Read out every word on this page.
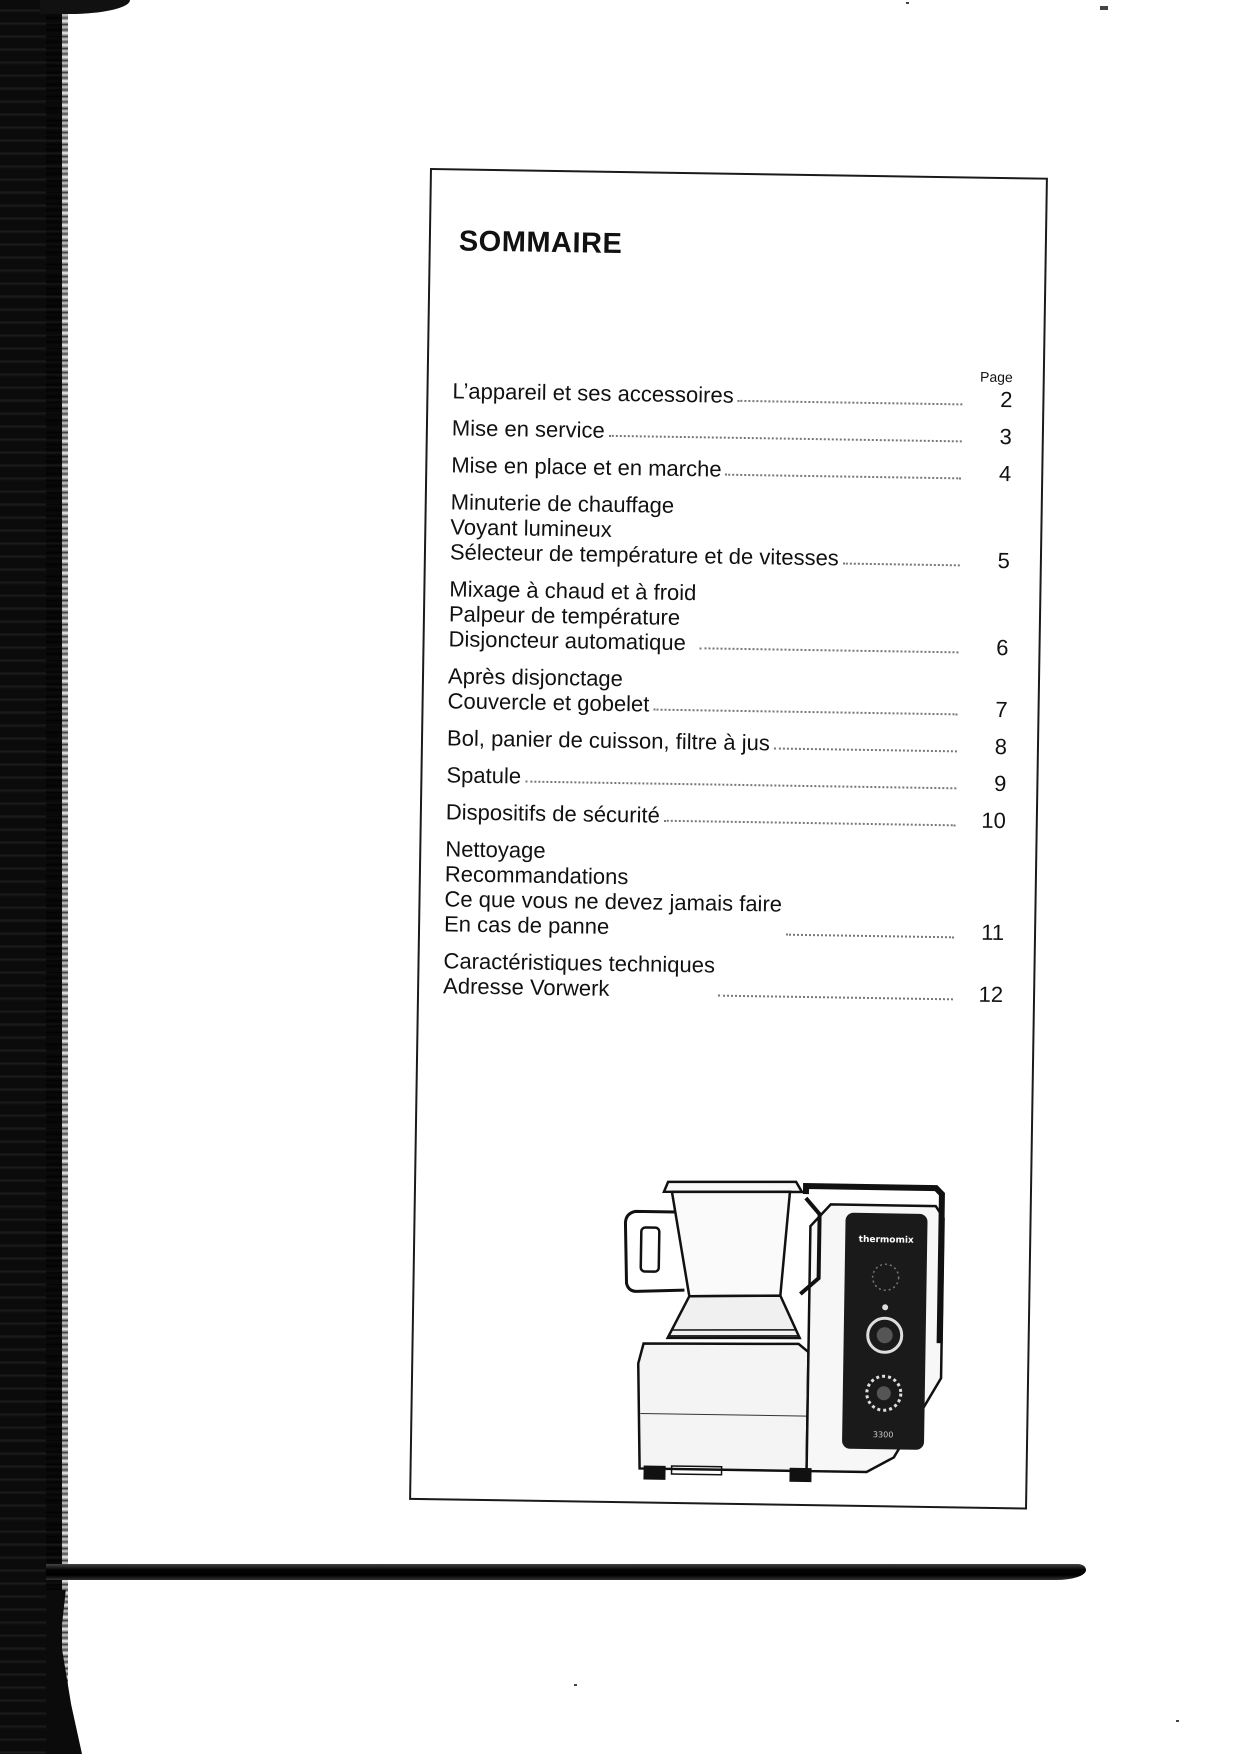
SOMMAIRE
Page
L’appareil et ses accessoires	2
Mise en service	3
Mise en place et en marche	4
Minuterie de chauffage
Voyant lumineux
Sélecteur de température et de vitesses	5
Mixage à chaud et à froid
Palpeur de température
Disjoncteur automatique	6
Après disjonctage
Couvercle et gobelet	7
Bol, panier de cuisson, filtre à jus	8
Spatule	9
Dispositifs de sécurité	10
Nettoyage
Recommandations
Ce que vous ne devez jamais faire
En cas de panne	11
Caractéristiques techniques
Adresse Vorwerk	12
thermomix
3300
